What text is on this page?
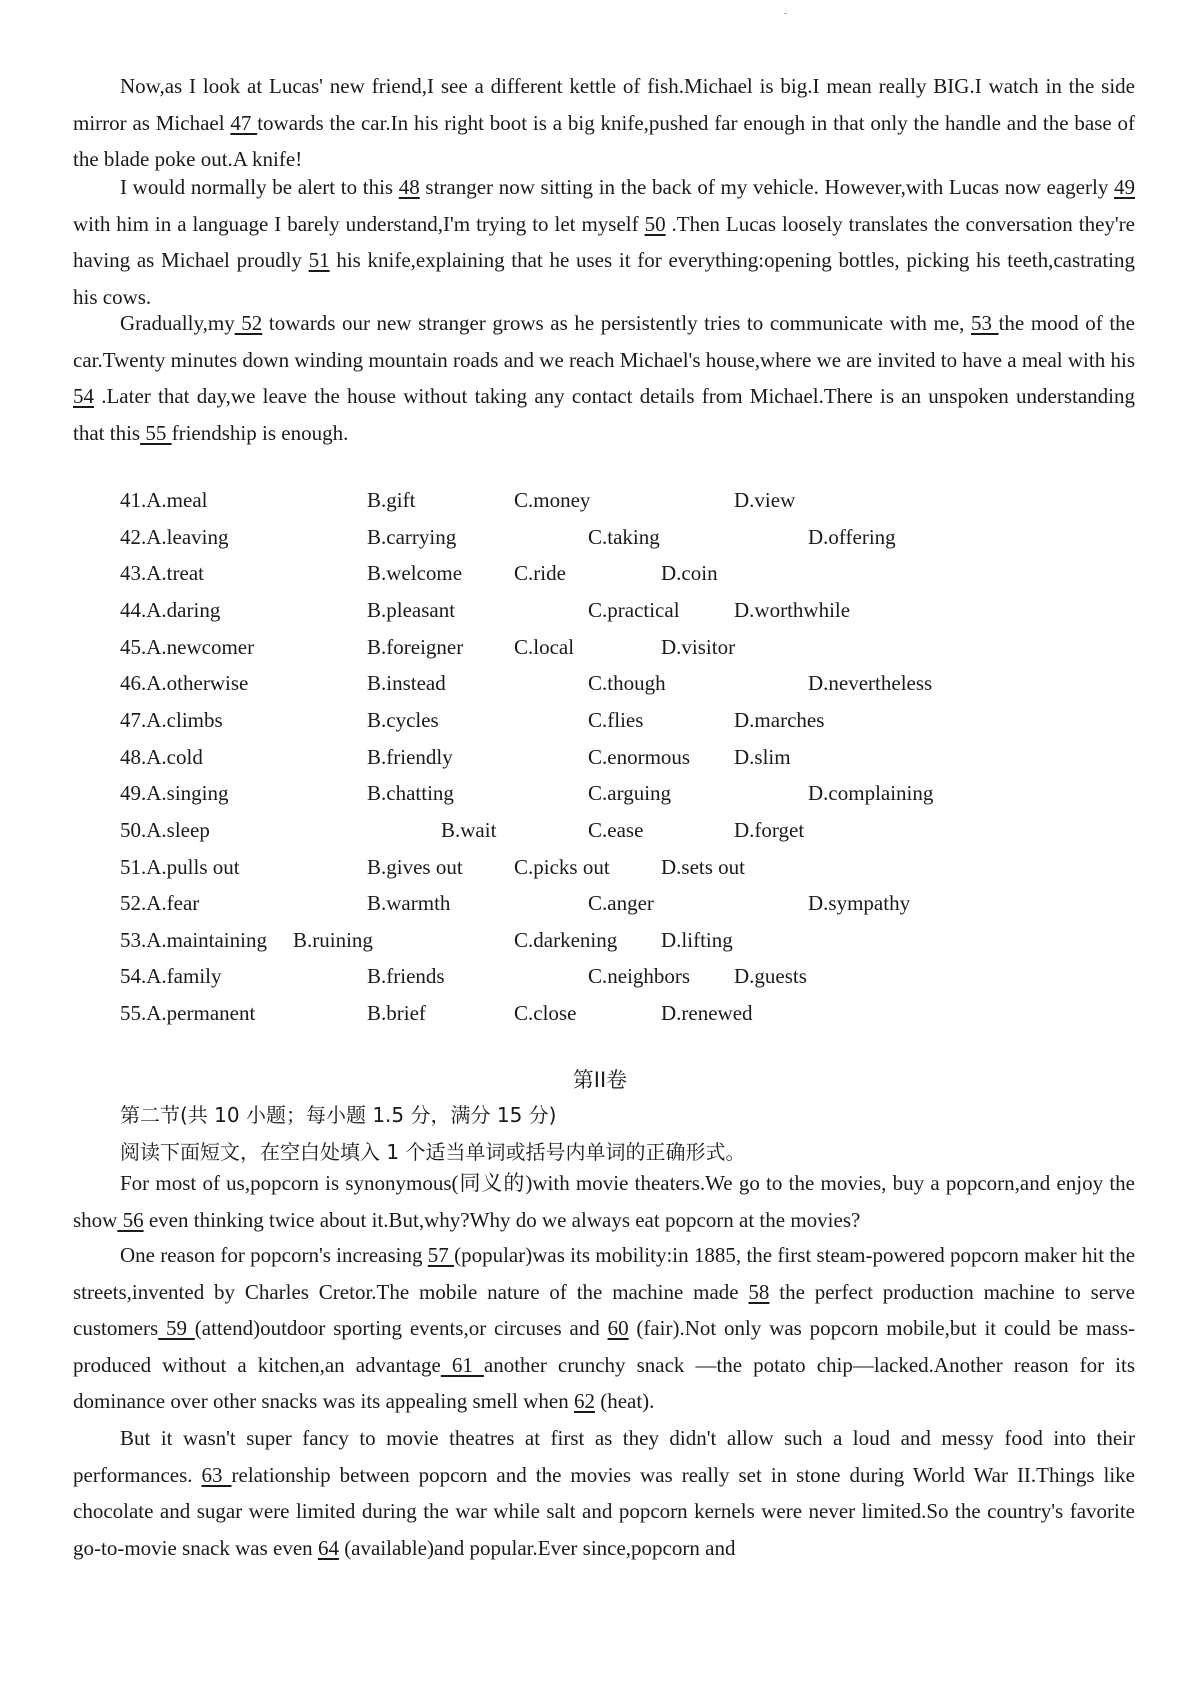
-

Now,as I look at Lucas' new friend,I see a different kettle of fish.Michael is big.I mean really BIG.I watch in the side mirror as Michael 47 towards the car.In his right boot is a big knife,pushed far enough in that only the handle and the base of the blade poke out.A knife!

I would normally be alert to this 48 stranger now sitting in the back of my vehicle. However,with Lucas now eagerly 49 with him in a language I barely understand,I'm trying to let myself 50 .Then Lucas loosely translates the conversation they're having as Michael proudly 51 his knife,explaining that he uses it for everything:opening bottles, picking his teeth,castrating his cows.

Gradually,my 52 towards our new stranger grows as he persistently tries to communicate with me, 53 the mood of the car.Twenty minutes down winding mountain roads and we reach Michael's house,where we are invited to have a meal with his 54 .Later that day,we leave the house without taking any contact details from Michael.There is an unspoken understanding that this 55 friendship is enough.

41.A.meal	B.gift	C.money	D.view
42.A.leaving	B.carrying	C.taking	D.offering
43.A.treat	B.welcome C.ride	D.coin
44.A.daring	B.pleasant	C.practical	D.worthwhile
45.A.newcomer	B.foreigner C.local	D.visitor
46.A.otherwise	B.instead	C.though	D.nevertheless
47.A.climbs	B.cycles	C.flies	D.marches
48.A.cold	B.friendly	C.enormous D.slim
49.A.singing	B.chatting	C.arguing	D.complaining
50.A.sleep	B.wait	C.ease	D.forget
51.A.pulls out	B.gives out C.picks out D.sets out
52.A.fear	B.warmth	C.anger	D.sympathy
53.A.maintaining B.ruining	C.darkening D.lifting
54.A.family	B.friends	C.neighbors D.guests
55.A.permanent	B.brief	C.close	D.renewed
第II卷
第二节(共 10 小题；每小题 1.5 分，满分 15 分)
阅读下面短文，在空白处填入 1 个适当单词或括号内单词的正确形式。

For most of us,popcorn is synonymous(同义的)with movie theaters.We go to the movies, buy a popcorn,and enjoy the show 56 even thinking twice about it.But,why?Why do we always eat popcorn at the movies?

One reason for popcorn's increasing 57 (popular)was its mobility:in 1885, the first steam-powered popcorn maker hit the streets,invented by Charles Cretor.The mobile nature of the machine made 58 the perfect production machine to serve customers 59 (attend)outdoor sporting events,or circuses and 60 (fair).Not only was popcorn mobile,but it could be mass-produced without a kitchen,an advantage 61 another crunchy snack —the potato chip—lacked.Another reason for its dominance over other snacks was its appealing smell when 62 (heat).

But it wasn't super fancy to movie theatres at first as they didn't allow such a loud and messy food into their performances. 63 relationship between popcorn and the movies was really set in stone during World War II.Things like chocolate and sugar were limited during the war while salt and popcorn kernels were never limited.So the country's favorite go-to-movie snack was even 64 (available)and popular.Ever since,popcorn and
